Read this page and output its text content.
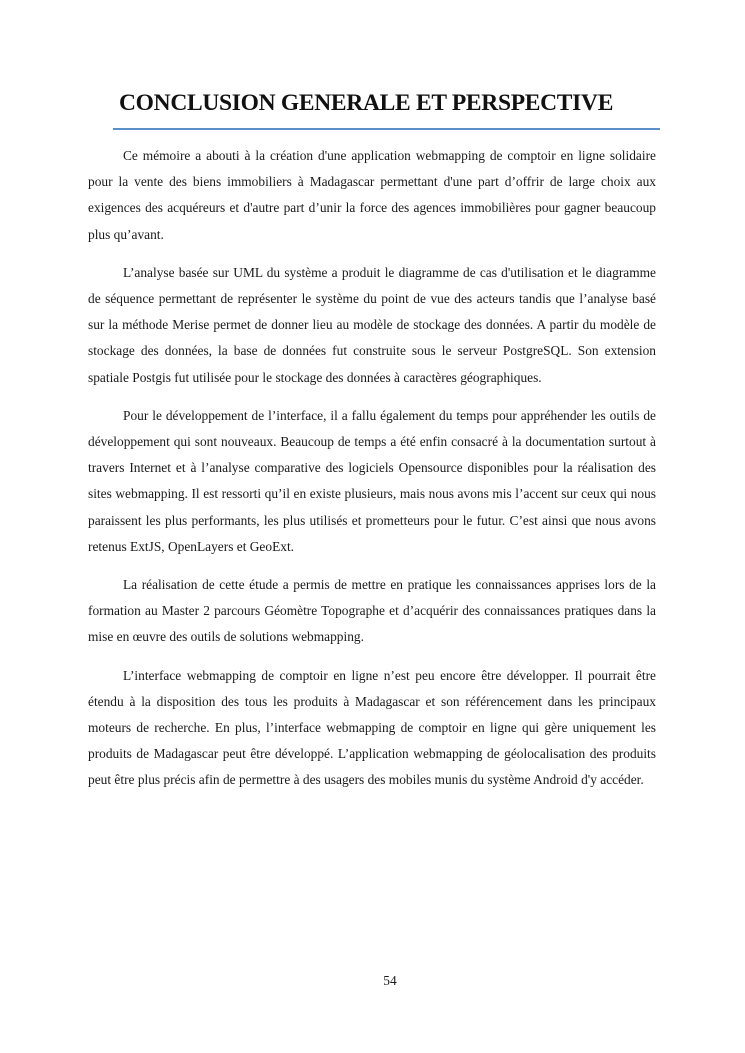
CONCLUSION GENERALE ET PERSPECTIVE

Ce mémoire a abouti à la création d'une application webmapping de comptoir en ligne solidaire pour la vente des biens immobiliers à Madagascar permettant d'une part d’offrir de large choix aux exigences des acquéreurs et d'autre part d’unir la force des agences immobilières pour gagner beaucoup plus qu’avant.

L’analyse basée sur UML du système a produit le diagramme de cas d'utilisation et le diagramme de séquence permettant de représenter le système du point de vue des acteurs tandis que l’analyse basé sur la méthode Merise permet de donner lieu au modèle de stockage des données. A partir du modèle de stockage des données, la base de données fut construite sous le serveur PostgreSQL. Son extension spatiale Postgis fut utilisée pour le stockage des données à caractères géographiques.

Pour le développement de l’interface, il a fallu également du temps pour appréhender les outils de développement qui sont nouveaux. Beaucoup de temps a été enfin consacré à la documentation surtout à travers Internet et à l’analyse comparative des logiciels Opensource disponibles pour la réalisation des sites webmapping. Il est ressorti qu’il en existe plusieurs, mais nous avons mis l’accent sur ceux qui nous paraissent les plus performants, les plus utilisés et prometteurs pour le futur. C’est ainsi que nous avons retenus ExtJS, OpenLayers et GeoExt.

La réalisation de cette étude a permis de mettre en pratique les connaissances apprises lors de la formation au Master 2 parcours Géomètre Topographe et d’acquérir des connaissances pratiques dans la mise en œuvre des outils de solutions webmapping.

L’interface webmapping de comptoir en ligne n’est peu encore être développer. Il pourrait être étendu à la disposition des tous les produits à Madagascar et son référencement dans les principaux moteurs de recherche. En plus, l’interface webmapping de comptoir en ligne qui gère uniquement les produits de Madagascar peut être développé. L’application webmapping de géolocalisation des produits peut être plus précis afin de permettre à des usagers des mobiles munis du système Android d'y accéder.

54
